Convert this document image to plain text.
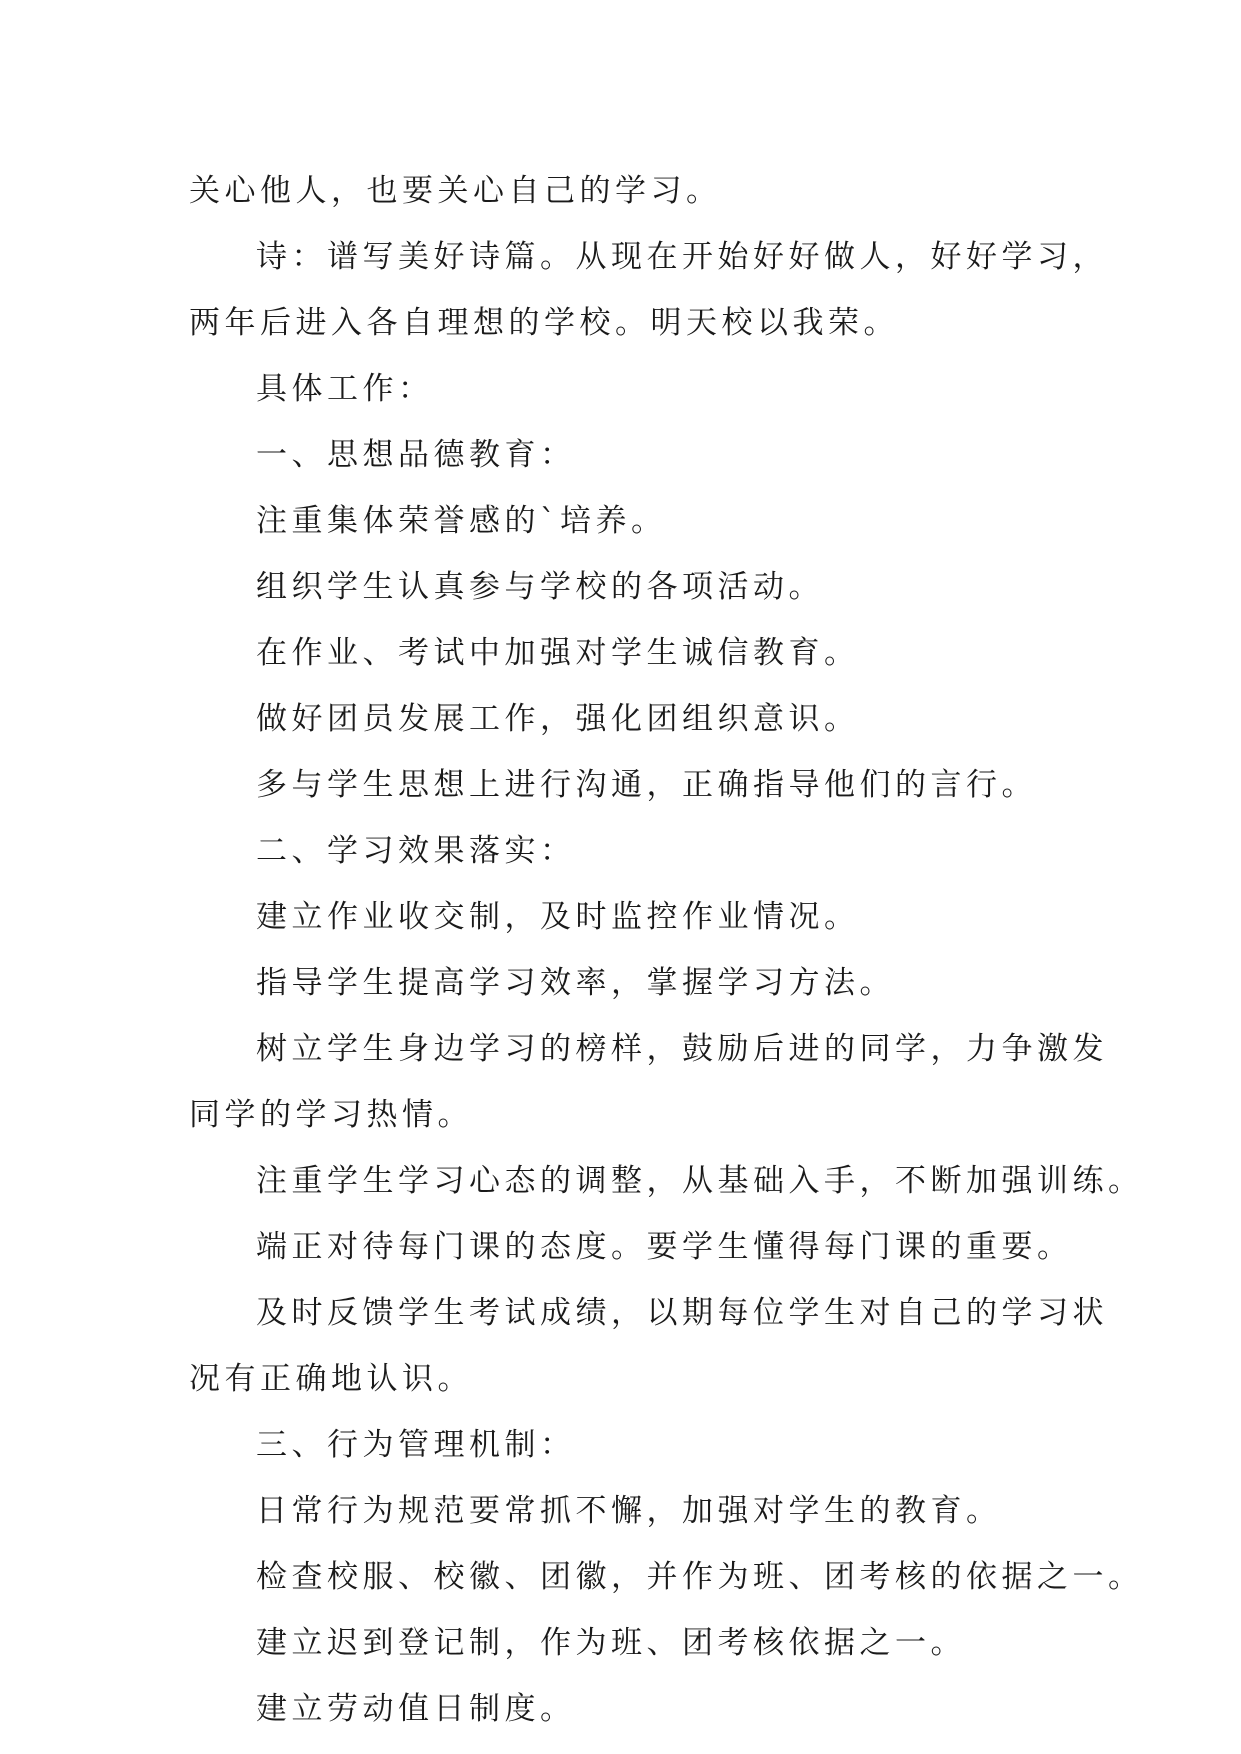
关心他人，也要关心自己的学习。

诗：谱写美好诗篇。从现在开始好好做人，好好学习，

两年后进入各自理想的学校。明天校以我荣。

具体工作：

一、思想品德教育：

注重集体荣誉感的`培养。

组织学生认真参与学校的各项活动。

在作业、考试中加强对学生诚信教育。

做好团员发展工作，强化团组织意识。

多与学生思想上进行沟通，正确指导他们的言行。

二、学习效果落实：

建立作业收交制，及时监控作业情况。

指导学生提高学习效率，掌握学习方法。

树立学生身边学习的榜样，鼓励后进的同学，力争激发

同学的学习热情。

注重学生学习心态的调整，从基础入手，不断加强训练。

端正对待每门课的态度。要学生懂得每门课的重要。

及时反馈学生考试成绩，以期每位学生对自己的学习状

况有正确地认识。

三、行为管理机制：

日常行为规范要常抓不懈，加强对学生的教育。

检查校服、校徽、团徽，并作为班、团考核的依据之一。

建立迟到登记制，作为班、团考核依据之一。

建立劳动值日制度。
